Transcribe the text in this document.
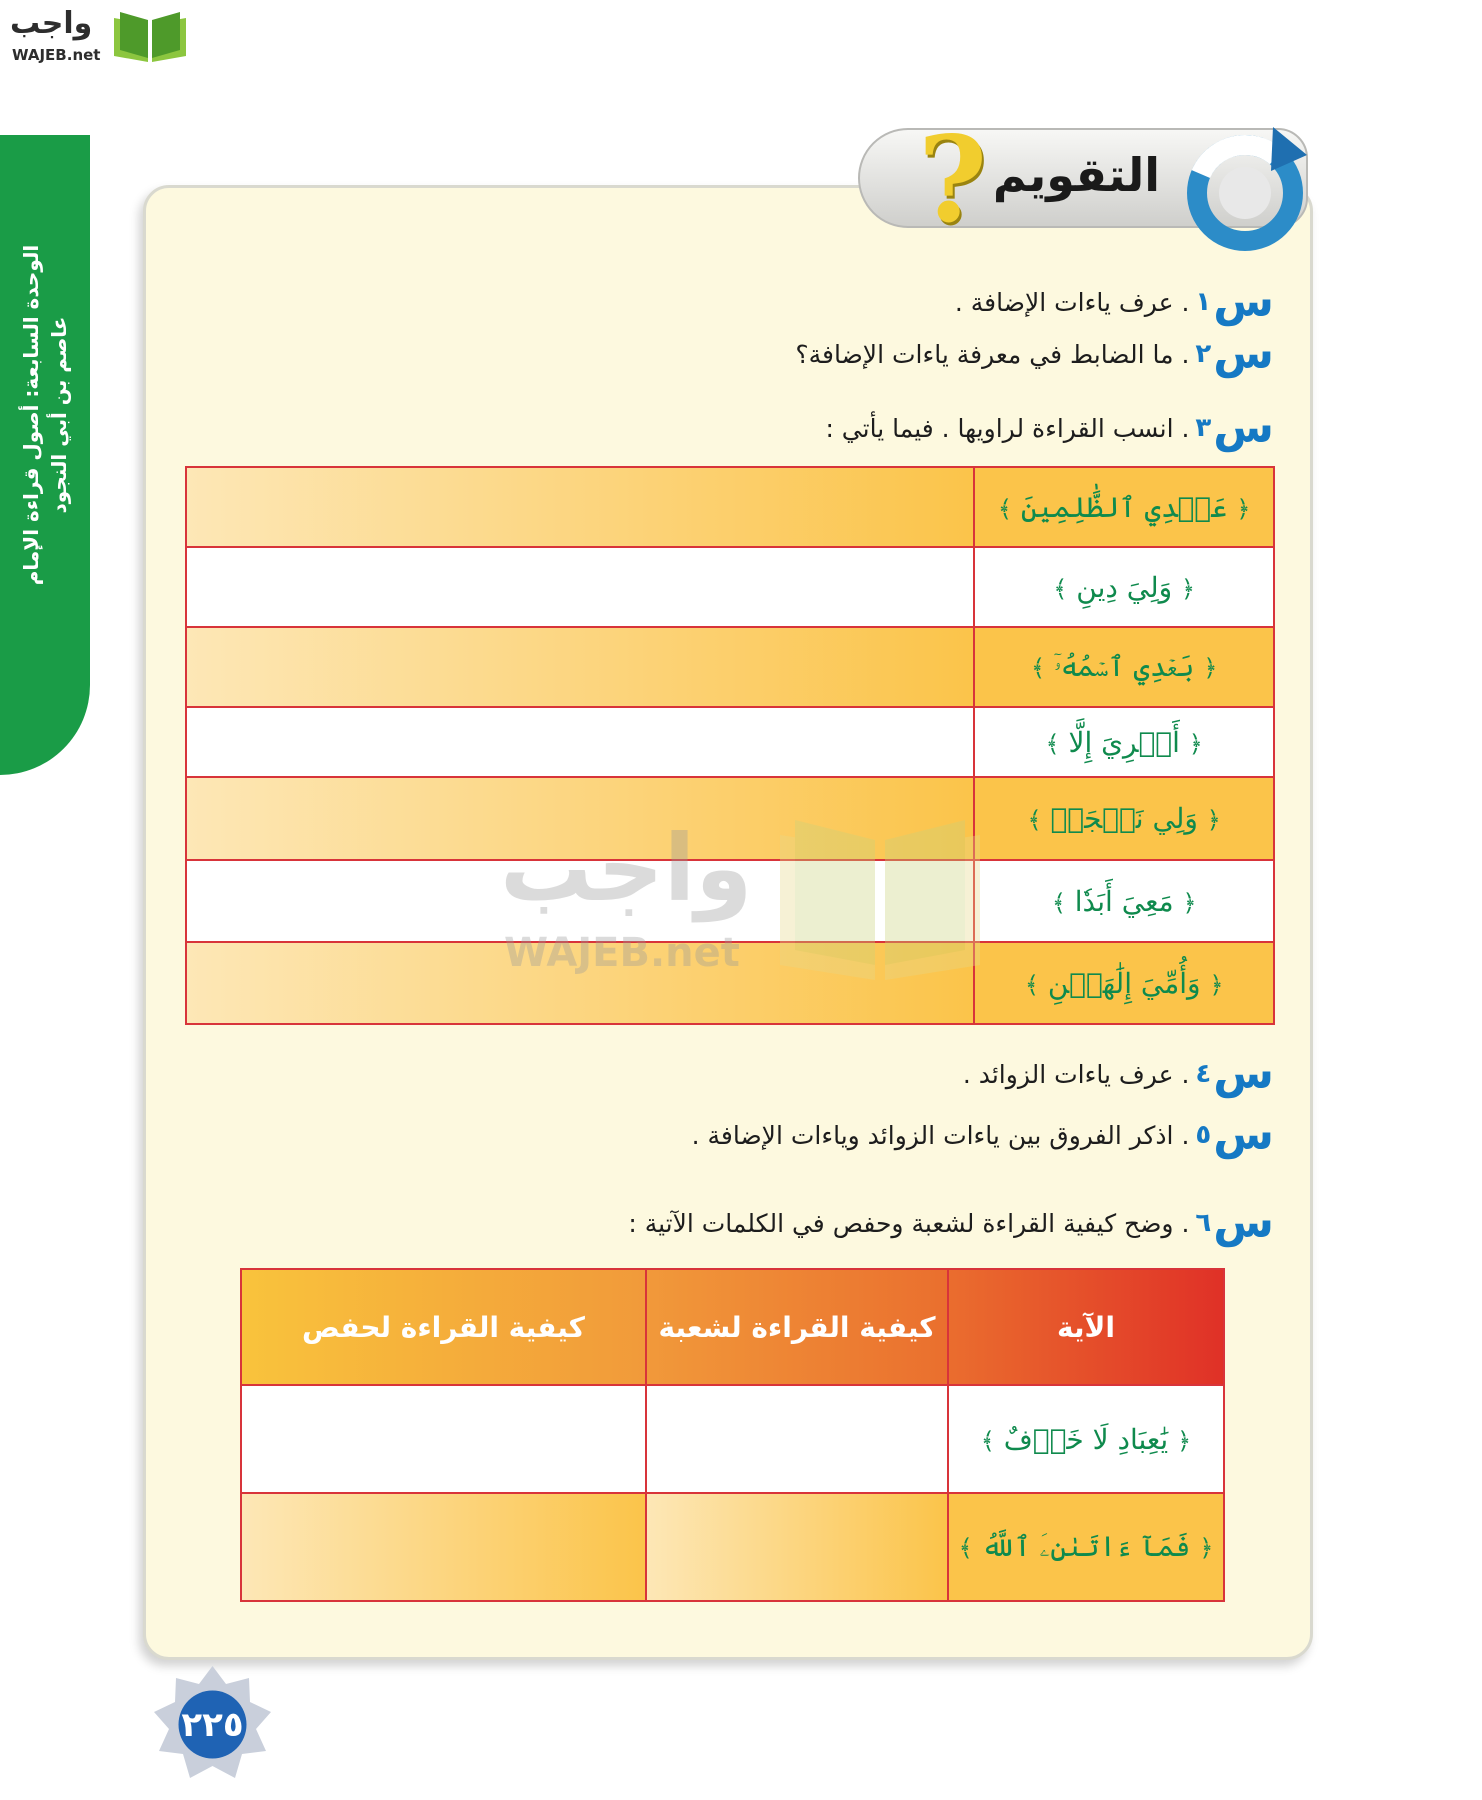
واجب
WAJEB.net
الوحدة السابعة: أصول قراءة الإمام عاصم بن أبي النجود
? التقويم
س
١
. عرف ياءات الإضافة .
س
٢
. ما الضابط في معرفة ياءات الإضافة؟
س
٣
. انسب القراءة لراويها . فيما يأتي :
	﴿ عَهۡدِي ٱلظَّٰلِمِينَ ﴾
	﴿ وَلِيَ دِينِ ﴾
	﴿ بَعۡدِي ٱسۡمُهُۥٓ ﴾
	﴿ أَجۡرِيَ إِلَّا ﴾
	﴿ وَلِي نَعۡجَةٞ ﴾
	﴿ مَعِيَ أَبَدٗا ﴾
	﴿ وَأُمِّيَ إِلَٰهَيۡنِ ﴾
واجب
WAJEB.net
س
٤
. عرف ياءات الزوائد .
س
٥
. اذكر الفروق بين ياءات الزوائد وياءات الإضافة .
س
٦
. وضح كيفية القراءة لشعبة وحفص في الكلمات الآتية :
الآية	كيفية القراءة لشعبة	كيفية القراءة لحفص
﴿ يَٰعِبَادِ لَا خَوۡفٌ ﴾		
﴿ فَمَآ ءَاتَىٰنِۦَ ٱللَّهُ ﴾		
٢٢٥
